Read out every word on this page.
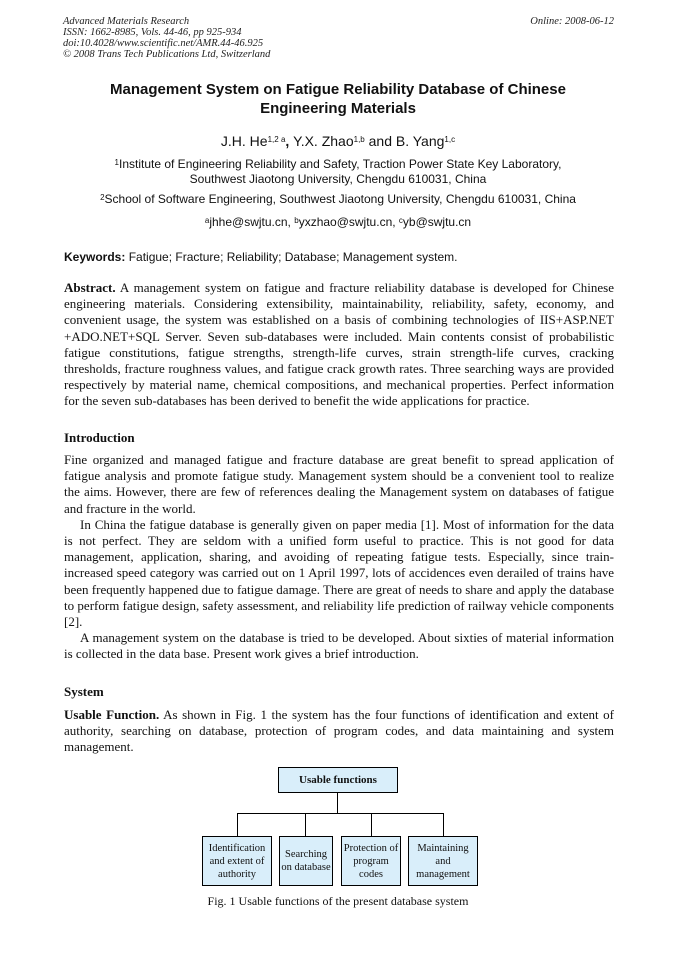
Advanced Materials Research
ISSN: 1662-8985, Vols. 44-46, pp 925-934
doi:10.4028/www.scientific.net/AMR.44-46.925
© 2008 Trans Tech Publications Ltd, Switzerland
Online: 2008-06-12
Management System on Fatigue Reliability Database of Chinese
Engineering Materials
J.H. $He^{1,2 a}$, Y.X. Zhao$^{1,b}$ and B. Yang$^{1,c}$
$^1$Institute of Engineering Reliability and Safety, Traction Power State Key Laboratory,
Southwest Jiaotong University, Chengdu 610031, China
$^2$School of Software Engineering, Southwest Jiaotong University, Chengdu 610031, China
$^a$jhhe@swjtu.cn, $^b$yxzhao@swjtu.cn, $^c$yb@swjtu.cn
Keywords: Fatigue; Fracture; Reliability; Database; Management system.

Abstract. A management system on fatigue and fracture reliability database is developed for Chinese engineering materials. Considering extensibility, maintainability, reliability, safety, economy, and convenient usage, the system was established on a basis of combining technologies of IIS+ASP.NET +ADO.NET+SQL Server. Seven sub-databases were included. Main contents consist of probabilistic fatigue constitutions, fatigue strengths, strength-life curves, strain strength-life curves, cracking thresholds, fracture roughness values, and fatigue crack growth rates. Three searching ways are provided respectively by material name, chemical compositions, and mechanical properties. Perfect information for the seven sub-databases has been derived to benefit the wide applications for practice.

Introduction

Fine organized and managed fatigue and fracture database are great benefit to spread application of fatigue analysis and promote fatigue study. Management system should be a convenient tool to realize the aims. However, there are few of references dealing the Management system on databases of fatigue and fracture in the world.

In China the fatigue database is generally given on paper media [1]. Most of information for the data is not perfect. They are seldom with a unified form useful to practice. This is not good for data management, application, sharing, and avoiding of repeating fatigue tests. Especially, since train-increased speed category was carried out on 1 April 1997, lots of accidences even derailed of trains have been frequently happened due to fatigue damage. There are great of needs to share and apply the database to perform fatigue design, safety assessment, and reliability life prediction of railway vehicle components [2].

A management system on the database is tried to be developed. About sixties of material information is collected in the data base. Present work gives a brief introduction.

System

Usable Function. As shown in Fig. 1 the system has the four functions of identification and extent of authority, searching on database, protection of program codes, and data maintaining and system management.

Usable functions
Identification and extent of authority
Searching on database
Protection of program codes
Maintaining and management
Fig. 1 Usable functions of the present database system
